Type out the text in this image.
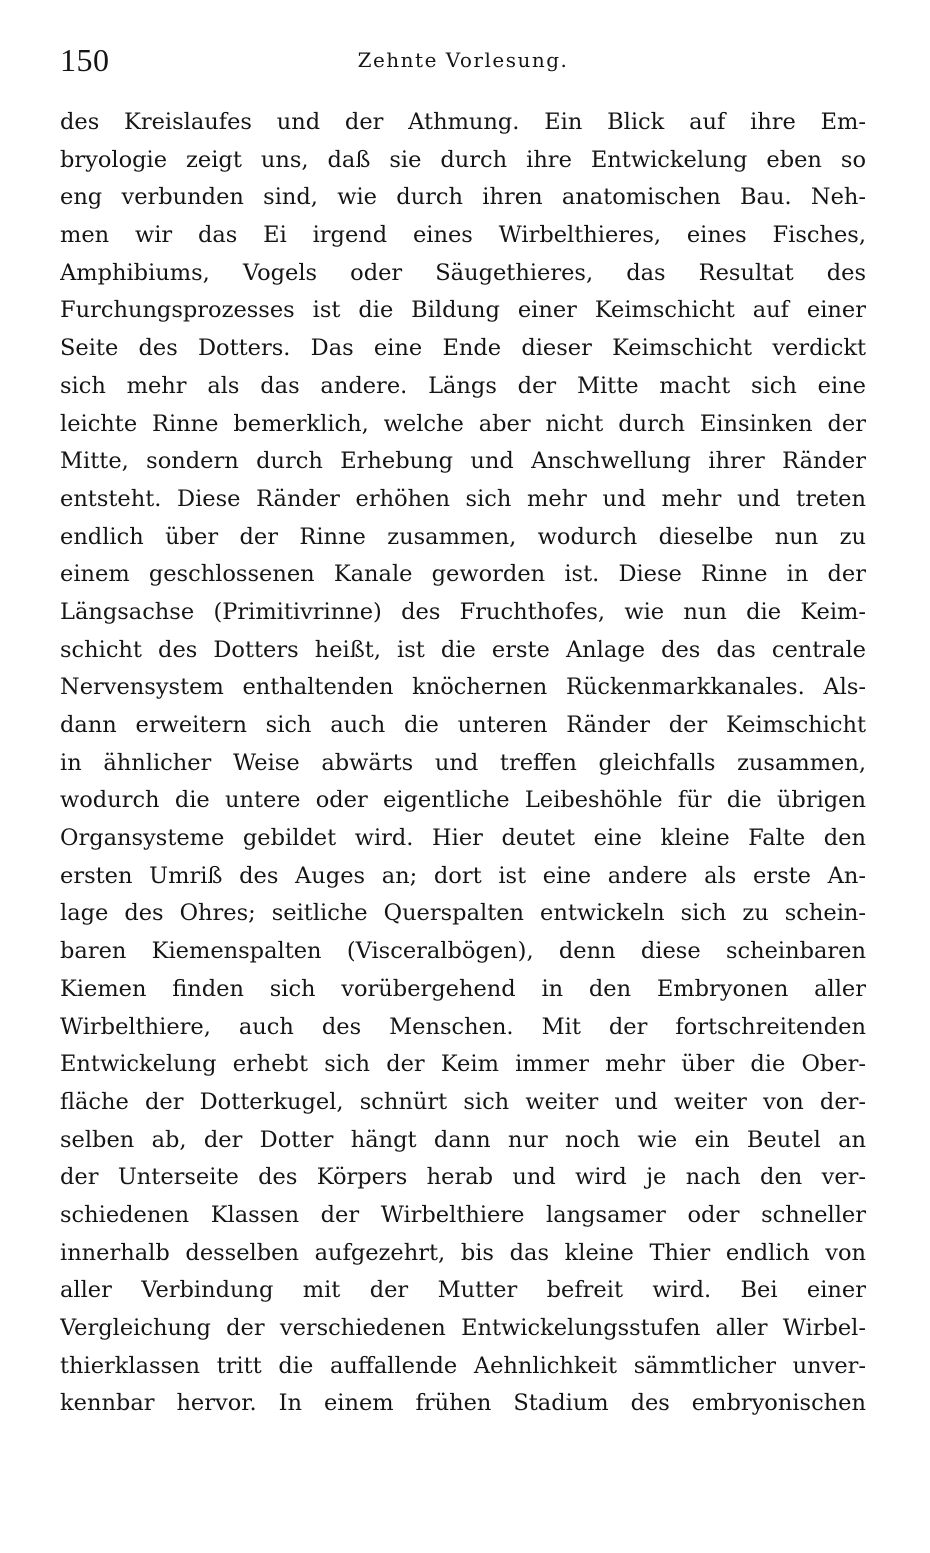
150	Zehnte Vorlesung.
des Kreislaufes und der Athmung. Ein Blick auf ihre Em-
bryologie zeigt uns, daß sie durch ihre Entwickelung eben so
eng verbunden sind, wie durch ihren anatomischen Bau. Neh-
men wir das Ei irgend eines Wirbelthieres, eines Fisches,
Amphibiums, Vogels oder Säugethieres, das Resultat des
Furchungsprozesses ist die Bildung einer Keimschicht auf einer
Seite des Dotters. Das eine Ende dieser Keimschicht verdickt
sich mehr als das andere. Längs der Mitte macht sich eine
leichte Rinne bemerklich, welche aber nicht durch Einsinken der
Mitte, sondern durch Erhebung und Anschwellung ihrer Ränder
entsteht. Diese Ränder erhöhen sich mehr und mehr und treten
endlich über der Rinne zusammen, wodurch dieselbe nun zu
einem geschlossenen Kanale geworden ist. Diese Rinne in der
Längsachse (Primitivrinne) des Fruchthofes, wie nun die Keim-
schicht des Dotters heißt, ist die erste Anlage des das centrale
Nervensystem enthaltenden knöchernen Rückenmarkkanales. Als-
dann erweitern sich auch die unteren Ränder der Keimschicht
in ähnlicher Weise abwärts und treffen gleichfalls zusammen,
wodurch die untere oder eigentliche Leibeshöhle für die übrigen
Organsysteme gebildet wird. Hier deutet eine kleine Falte den
ersten Umriß des Auges an; dort ist eine andere als erste An-
lage des Ohres; seitliche Querspalten entwickeln sich zu schein-
baren Kiemenspalten (Visceralbögen), denn diese scheinbaren
Kiemen finden sich vorübergehend in den Embryonen aller
Wirbelthiere, auch des Menschen. Mit der fortschreitenden
Entwickelung erhebt sich der Keim immer mehr über die Ober-
fläche der Dotterkugel, schnürt sich weiter und weiter von der-
selben ab, der Dotter hängt dann nur noch wie ein Beutel an
der Unterseite des Körpers herab und wird je nach den ver-
schiedenen Klassen der Wirbelthiere langsamer oder schneller
innerhalb desselben aufgezehrt, bis das kleine Thier endlich von
aller Verbindung mit der Mutter befreit wird. Bei einer
Vergleichung der verschiedenen Entwickelungsstufen aller Wirbel-
thierklassen tritt die auffallende Aehnlichkeit sämmtlicher unver-
kennbar hervor. In einem frühen Stadium des embryonischen
